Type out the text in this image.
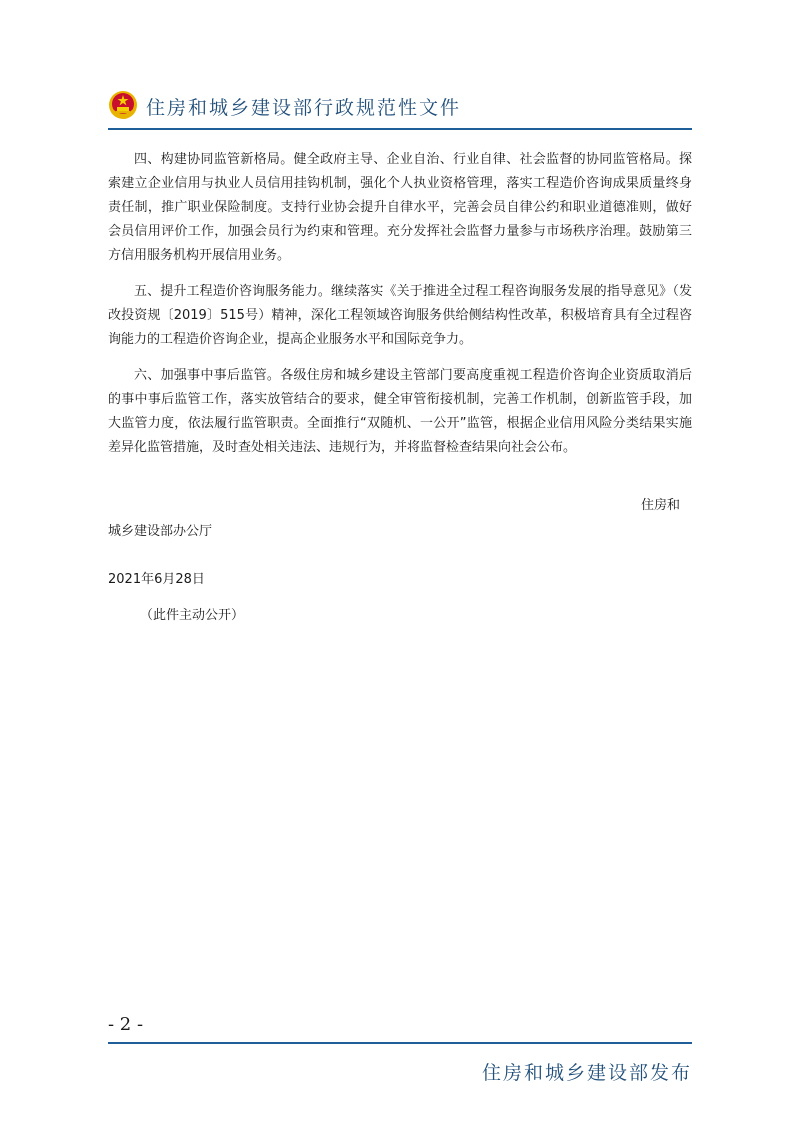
住房和城乡建设部行政规范性文件

四、构建协同监管新格局。健全政府主导、企业自治、行业自律、社会监督的协同监管格局。探索建立企业信用与执业人员信用挂钩机制，强化个人执业资格管理，落实工程造价咨询成果质量终身责任制，推广职业保险制度。支持行业协会提升自律水平，完善会员自律公约和职业道德准则，做好会员信用评价工作，加强会员行为约束和管理。充分发挥社会监督力量参与市场秩序治理。鼓励第三方信用服务机构开展信用业务。

五、提升工程造价咨询服务能力。继续落实《关于推进全过程工程咨询服务发展的指导意见》（发改投资规〔2019〕515号）精神，深化工程领域咨询服务供给侧结构性改革，积极培育具有全过程咨询能力的工程造价咨询企业，提高企业服务水平和国际竞争力。

六、加强事中事后监管。各级住房和城乡建设主管部门要高度重视工程造价咨询企业资质取消后的事中事后监管工作，落实放管结合的要求，健全审管衔接机制，完善工作机制，创新监管手段，加大监管力度，依法履行监管职责。全面推行“双随机、一公开”监管，根据企业信用风险分类结果实施差异化监管措施，及时查处相关违法、违规行为，并将监督检查结果向社会公布。

住房和
城乡建设部办公厅
2021年6月28日
（此件主动公开）
- 2 -
住房和城乡建设部发布
